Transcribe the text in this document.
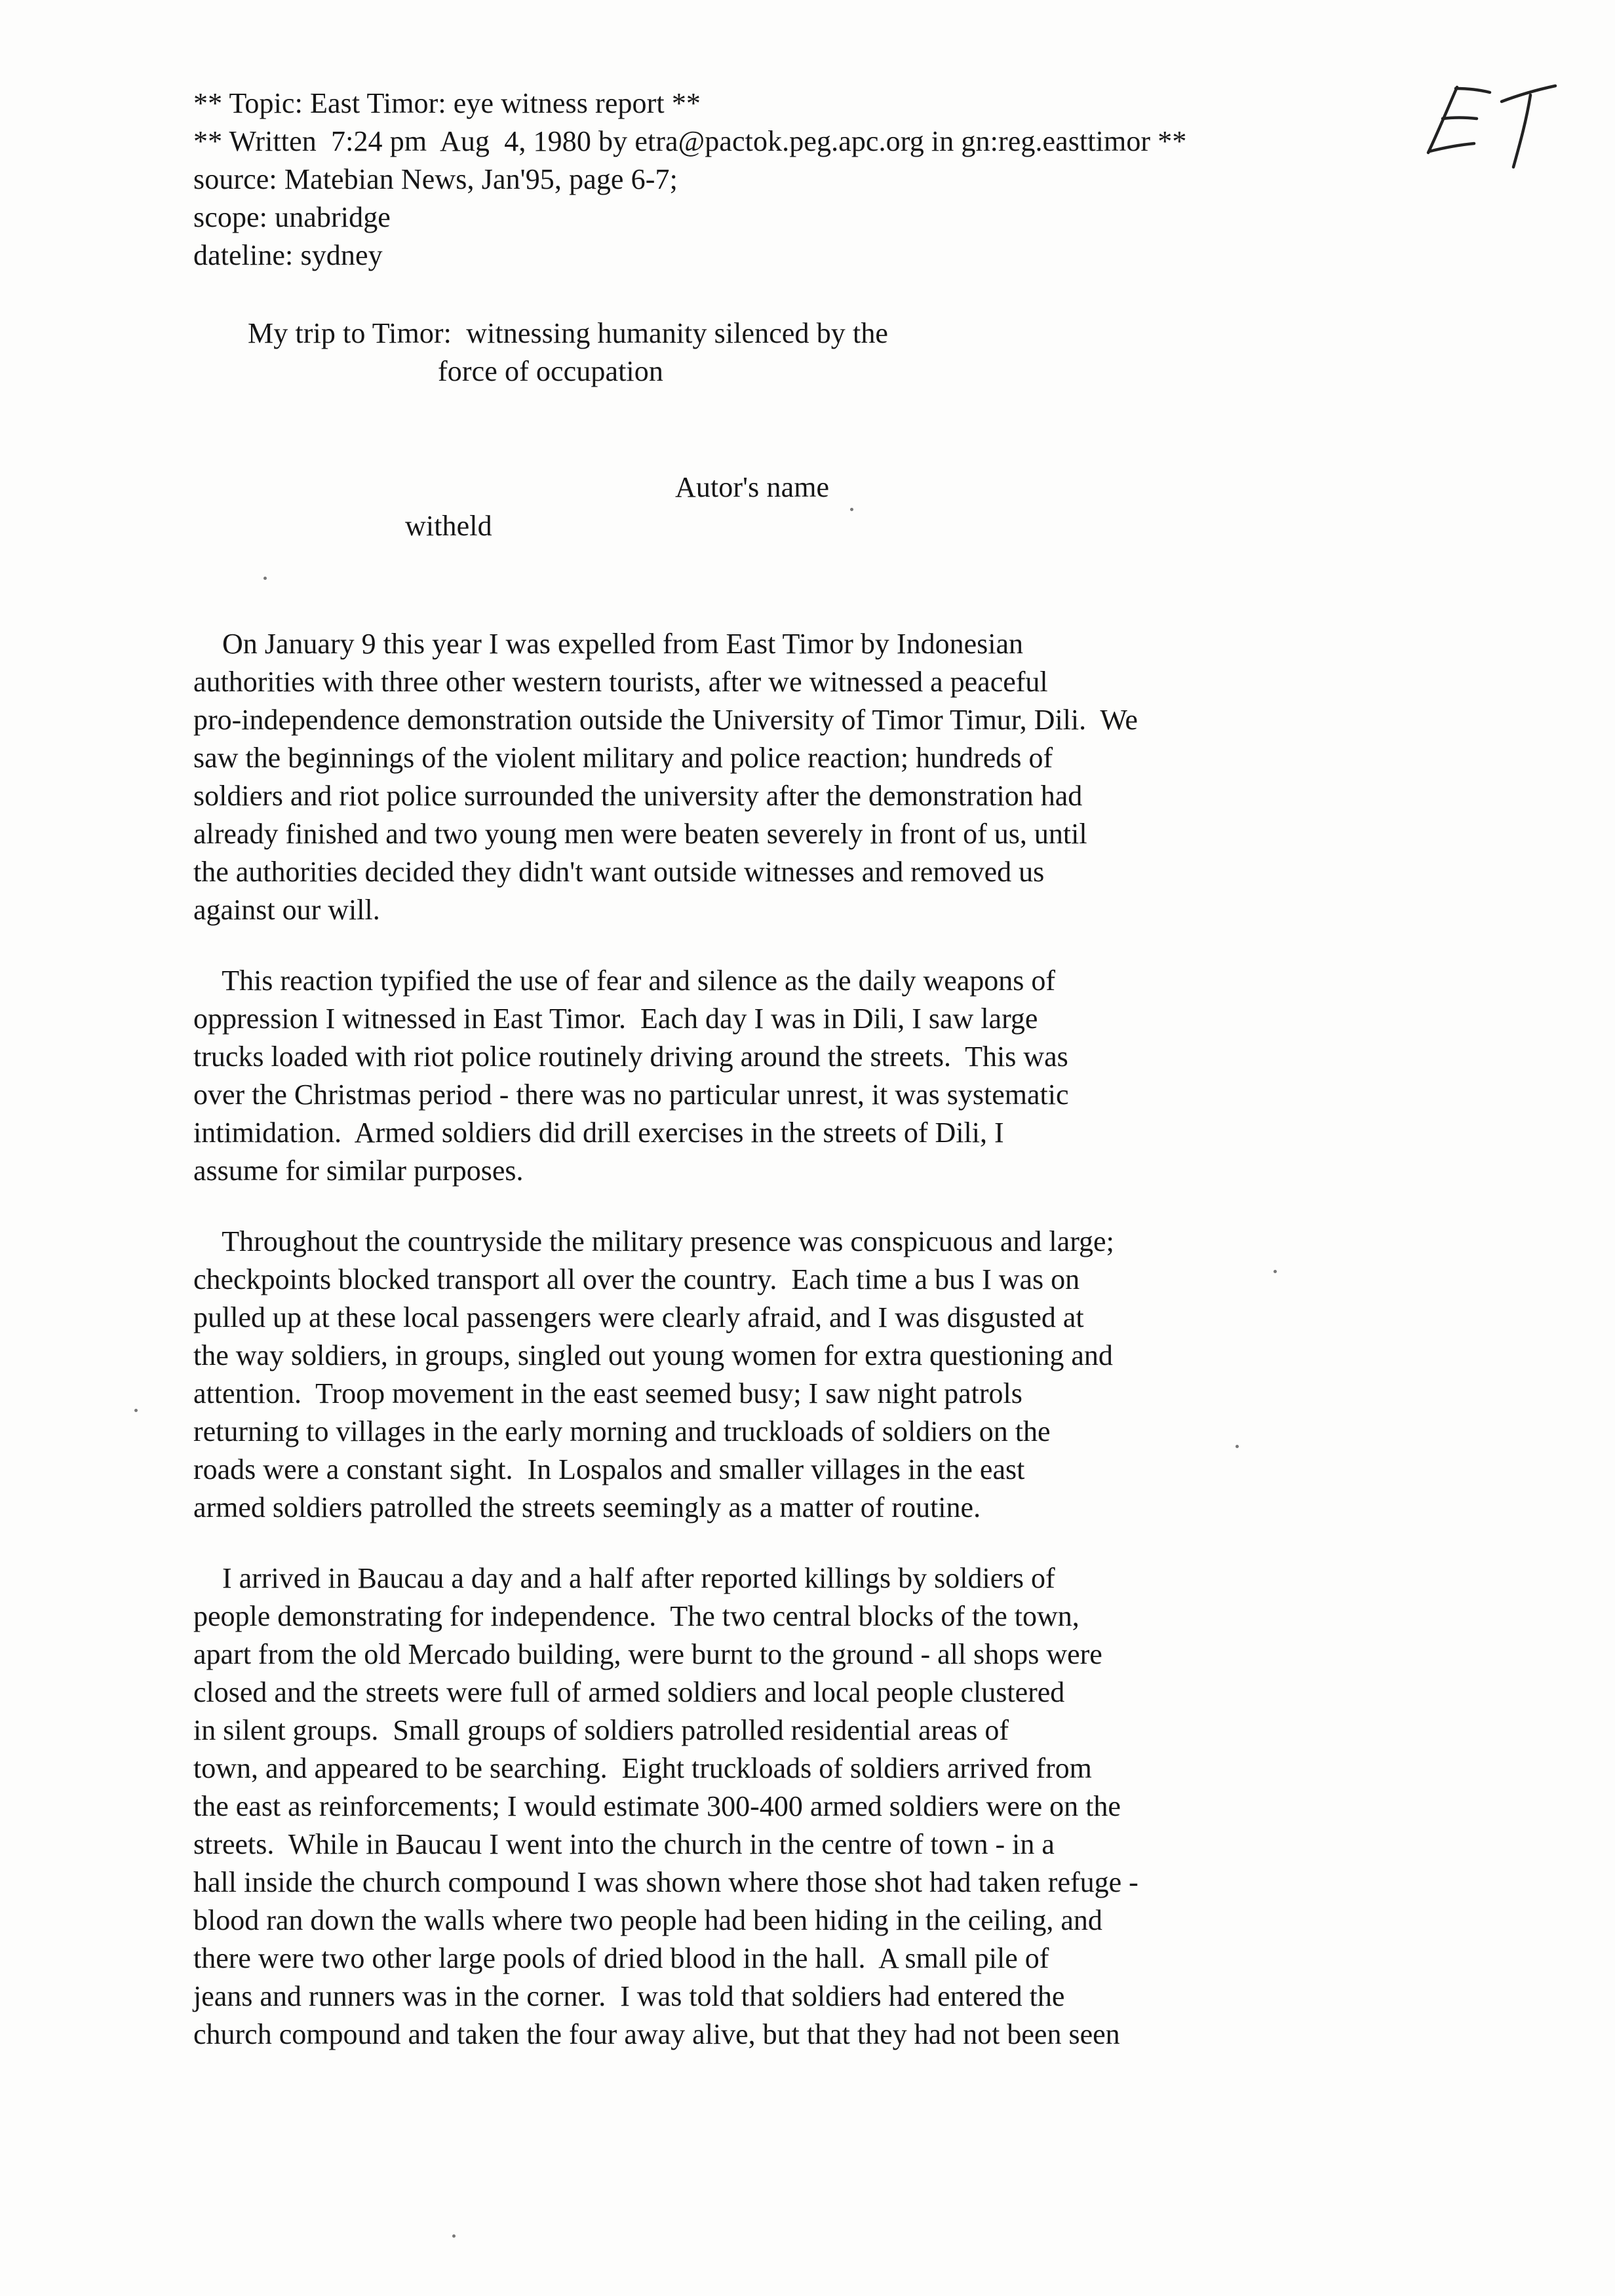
** Topic: East Timor: eye witness report **
** Written  7:24 pm  Aug  4, 1980 by etra@pactok.peg.apc.org in gn:reg.easttimor **
source: Matebian News, Jan'95, page 6-7;
scope: unabridge
dateline: sydney
My trip to Timor:  witnessing humanity silenced by the
force of occupation
Autor's name
witheld
On January 9 this year I was expelled from East Timor by Indonesian
authorities with three other western tourists, after we witnessed a peaceful
pro-independence demonstration outside the University of Timor Timur, Dili.  We
saw the beginnings of the violent military and police reaction; hundreds of
soldiers and riot police surrounded the university after the demonstration had
already finished and two young men were beaten severely in front of us, until
the authorities decided they didn't want outside witnesses and removed us
against our will.
This reaction typified the use of fear and silence as the daily weapons of
oppression I witnessed in East Timor.  Each day I was in Dili, I saw large
trucks loaded with riot police routinely driving around the streets.  This was
over the Christmas period - there was no particular unrest, it was systematic
intimidation.  Armed soldiers did drill exercises in the streets of Dili, I
assume for similar purposes.
Throughout the countryside the military presence was conspicuous and large;
checkpoints blocked transport all over the country.  Each time a bus I was on
pulled up at these local passengers were clearly afraid, and I was disgusted at
the way soldiers, in groups, singled out young women for extra questioning and
attention.  Troop movement in the east seemed busy; I saw night patrols
returning to villages in the early morning and truckloads of soldiers on the
roads were a constant sight.  In Lospalos and smaller villages in the east
armed soldiers patrolled the streets seemingly as a matter of routine.
I arrived in Baucau a day and a half after reported killings by soldiers of
people demonstrating for independence.  The two central blocks of the town,
apart from the old Mercado building, were burnt to the ground - all shops were
closed and the streets were full of armed soldiers and local people clustered
in silent groups.  Small groups of soldiers patrolled residential areas of
town, and appeared to be searching.  Eight truckloads of soldiers arrived from
the east as reinforcements; I would estimate 300-400 armed soldiers were on the
streets.  While in Baucau I went into the church in the centre of town - in a
hall inside the church compound I was shown where those shot had taken refuge -
blood ran down the walls where two people had been hiding in the ceiling, and
there were two other large pools of dried blood in the hall.  A small pile of
jeans and runners was in the corner.  I was told that soldiers had entered the
church compound and taken the four away alive, but that they had not been seen
